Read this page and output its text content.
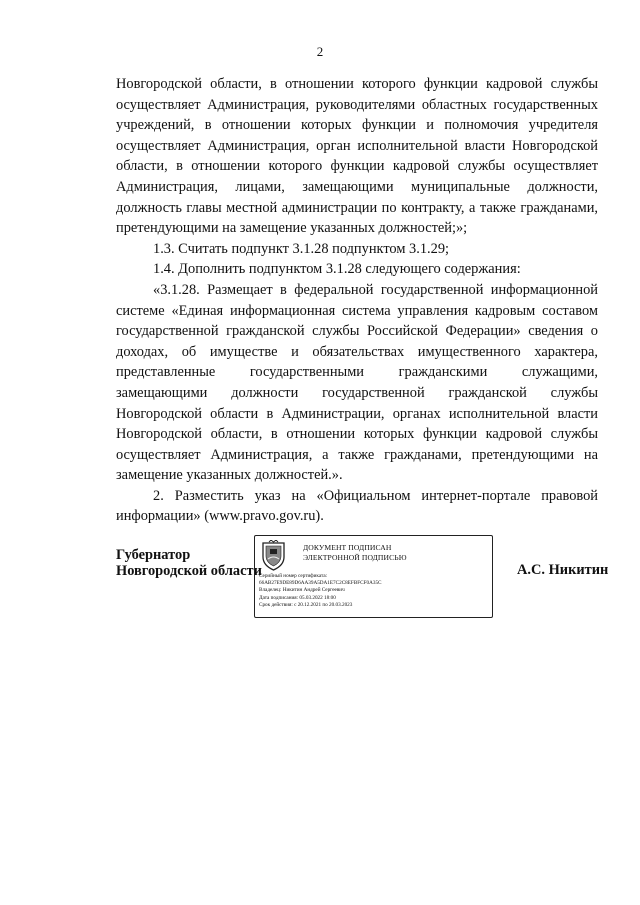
2

Новгородской области, в отношении которого функции кадровой службы осуществляет Администрация, руководителями областных государственных учреждений, в отношении которых функции и полномочия учредителя осуществляет Администрация, орган исполнительной власти Новгородской области, в отношении которого функции кадровой службы осуществляет Администрация, лицами, замещающими муниципальные должности, должность главы местной администрации по контракту, а также гражданами, претендующими на замещение указанных должностей;»;

1.3. Считать подпункт 3.1.28 подпунктом 3.1.29;

1.4. Дополнить подпунктом 3.1.28 следующего содержания:

«3.1.28. Размещает в федеральной государственной информационной системе «Единая информационная система управления кадровым составом государственной гражданской службы Российской Федерации» сведения о доходах, об имуществе и обязательствах имущественного характера, представленные государственными гражданскими служащими, замещающими должности государственной гражданской службы Новгородской области в Администрации, органах исполнительной власти Новгородской области, в отношении которых функции кадровой службы осуществляет Администрация, а также гражданами, претендующими на замещение указанных должностей.».

2. Разместить указ на «Официальном интернет-портале правовой информации» (www.pravo.gov.ru).

Губернатор
Новгородской области
ДОКУМЕНТ ПОДПИСАН
ЭЛЕКТРОННОЙ ПОДПИСЬЮ
Серийный номер сертификата:
66AB27E9DE89D6AA39A5DA1E7C2C8EFBFCF0A35C
Владелец: Никитин Андрей Сергеевич
Дата подписания: 05.03.2022 18:00
Срок действия: с 20.12.2021 по 20.03.2023
А.С. Никитин
